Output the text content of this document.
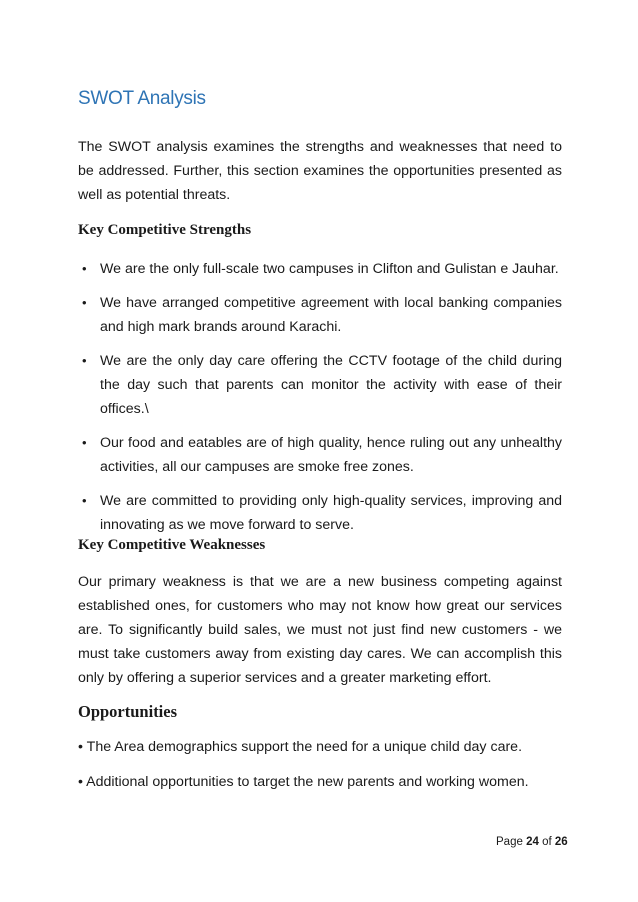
SWOT Analysis
The SWOT analysis examines the strengths and weaknesses that need to be addressed. Further, this section examines the opportunities presented as well as potential threats.
Key Competitive Strengths
• We are the only full-scale two campuses in Clifton and Gulistan e Jauhar.
• We have arranged competitive agreement with local banking companies and high mark brands around Karachi.
• We are the only day care offering the CCTV footage of the child during the day such that parents can monitor the activity with ease of their offices.\
• Our food and eatables are of high quality, hence ruling out any unhealthy activities, all our campuses are smoke free zones.
• We are committed to providing only high-quality services, improving and innovating as we move forward to serve.
Key Competitive Weaknesses
Our primary weakness is that we are a new business competing against established ones, for customers who may not know how great our services are. To significantly build sales, we must not just find new customers - we must take customers away from existing day cares. We can accomplish this only by offering a superior services and a greater marketing effort.
Opportunities
• The Area demographics support the need for a unique child day care.
• Additional opportunities to target the new parents and working women.
Page 24 of 26
